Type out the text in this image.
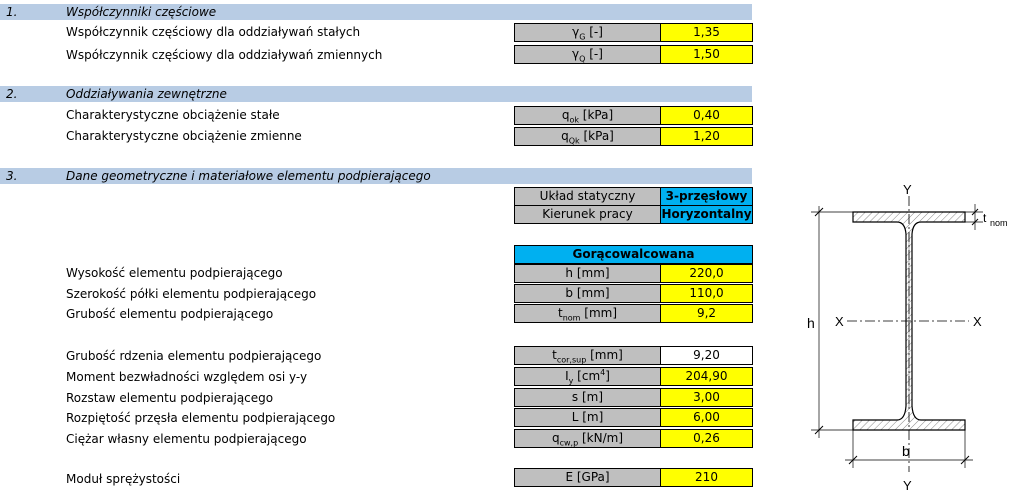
1.	Współczynniki częściowe
Współczynnik częściowy dla oddziaływań stałych	$\gamma_G$ [-]	1,35
Współczynnik częściowy dla oddziaływań zmiennych	$\gamma_Q$ [-]	1,50
2.	Oddziaływania zewnętrzne
Charakterystyczne obciążenie stałe	$q_{ok}$ [kPa]	0,40
Charakterystyczne obciążenie zmienne	$q_{Qk}$ [kPa]	1,20
3.	Dane geometryczne i materiałowe elementu podpierającego
Układ statyczny	3-przęsłowy
Kierunek pracy	Horyzontalny
Gorącowalcowana
Wysokość elementu podpierającego	h [mm]	220,0
Szerokość półki elementu podpierającego	b [mm]	110,0
Grubość elementu podpierającego	$t_{nom}$ [mm]	9,2
Grubość rdzenia elementu podpierającego	$t_{cor,sup}$ [mm]	9,20
Moment bezwładności względem osi y-y	$I_y$ $[cm^4]$	204,90
Rozstaw elementu podpierającego	s [m]	3,00
Rozpiętość przęsła elementu podpierającego	L [m]	6,00
Ciężar własny elementu podpierającego	$q_{cw,p}$ [kN/m]	0,26
Moduł sprężystości	E [GPa]	210
Y
Y
X	X
h
b
t nom
